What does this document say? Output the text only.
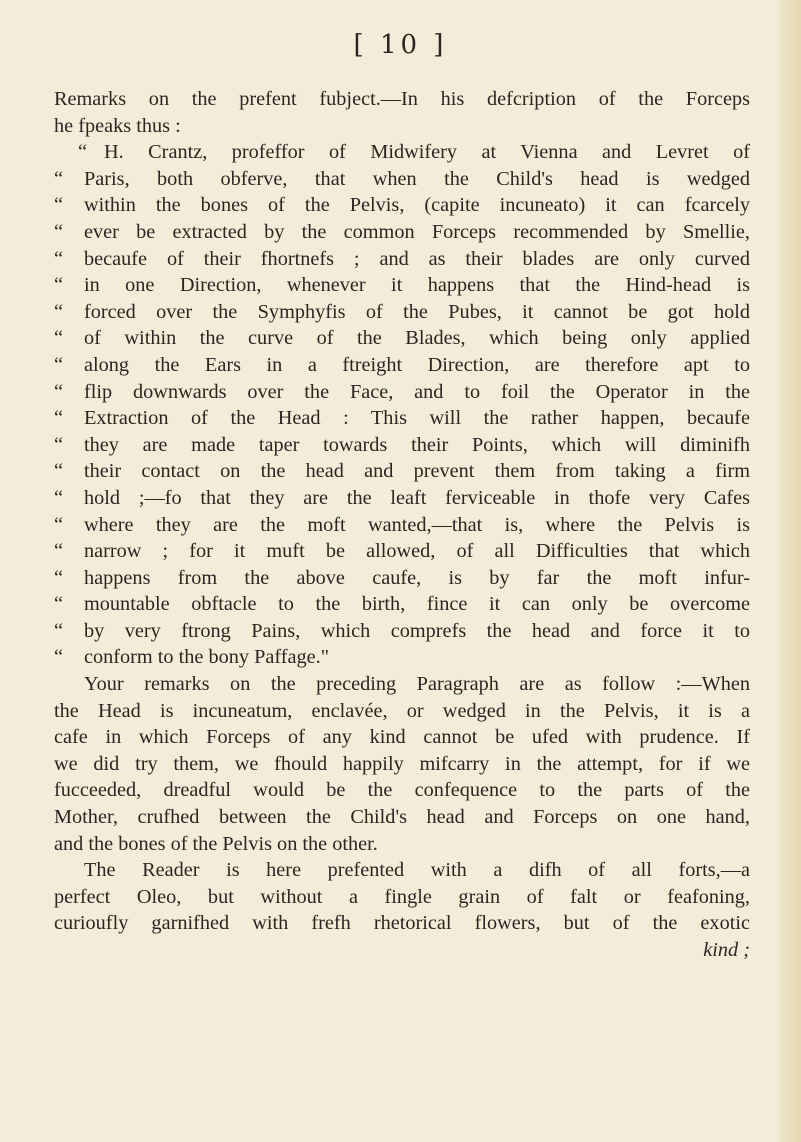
[ 10 ]
Remarks on the prefent fubject.—In his defcription of the Forceps
he fpeaks thus :
H. Crantz, profeffor of Midwifery at Vienna and Levret of
“
Paris, both obferve, that when the Child's head is wedged
“
within the bones of the Pelvis, (capite incuneato) it can fcarcely
“
ever be extracted by the common Forceps recommended by Smellie,
“
becaufe of their fhortnefs ; and as their blades are only curved
“
in one Direction, whenever it happens that the Hind-head is
“
forced over the Symphyfis of the Pubes, it cannot be got hold
“
of within the curve of the Blades, which being only applied
“
along the Ears in a ftreight Direction, are therefore apt to
“
flip downwards over the Face, and to foil the Operator in the
“
Extraction of the Head : This will the rather happen, becaufe
“
they are made taper towards their Points, which will diminifh
“
their contact on the head and prevent them from taking a firm
“
hold ;—fo that they are the leaft ferviceable in thofe very Cafes
“
where they are the moft wanted,—that is, where the Pelvis is
“
narrow ; for it muft be allowed, of all Difficulties that which
“
happens from the above caufe, is by far the moft infur-
“
mountable obftacle to the birth, fince it can only be overcome
“
by very ftrong Pains, which comprefs the head and force it to
“
conform to the bony Paffage."
“
Your remarks on the preceding Paragraph are as follow :—When
the Head is incuneatum, enclavée, or wedged in the Pelvis, it is a
cafe in which Forceps of any kind cannot be ufed with prudence. If
we did try them, we fhould happily mifcarry in the attempt, for if we
fucceeded, dreadful would be the confequence to the parts of the
Mother, crufhed between the Child's head and Forceps on one hand,
and the bones of the Pelvis on the other.
The Reader is here prefented with a difh of all forts,—a
perfect Oleo, but without a fingle grain of falt or feafoning,
curioufly garnifhed with frefh rhetorical flowers, but of the exotic
kind ;
